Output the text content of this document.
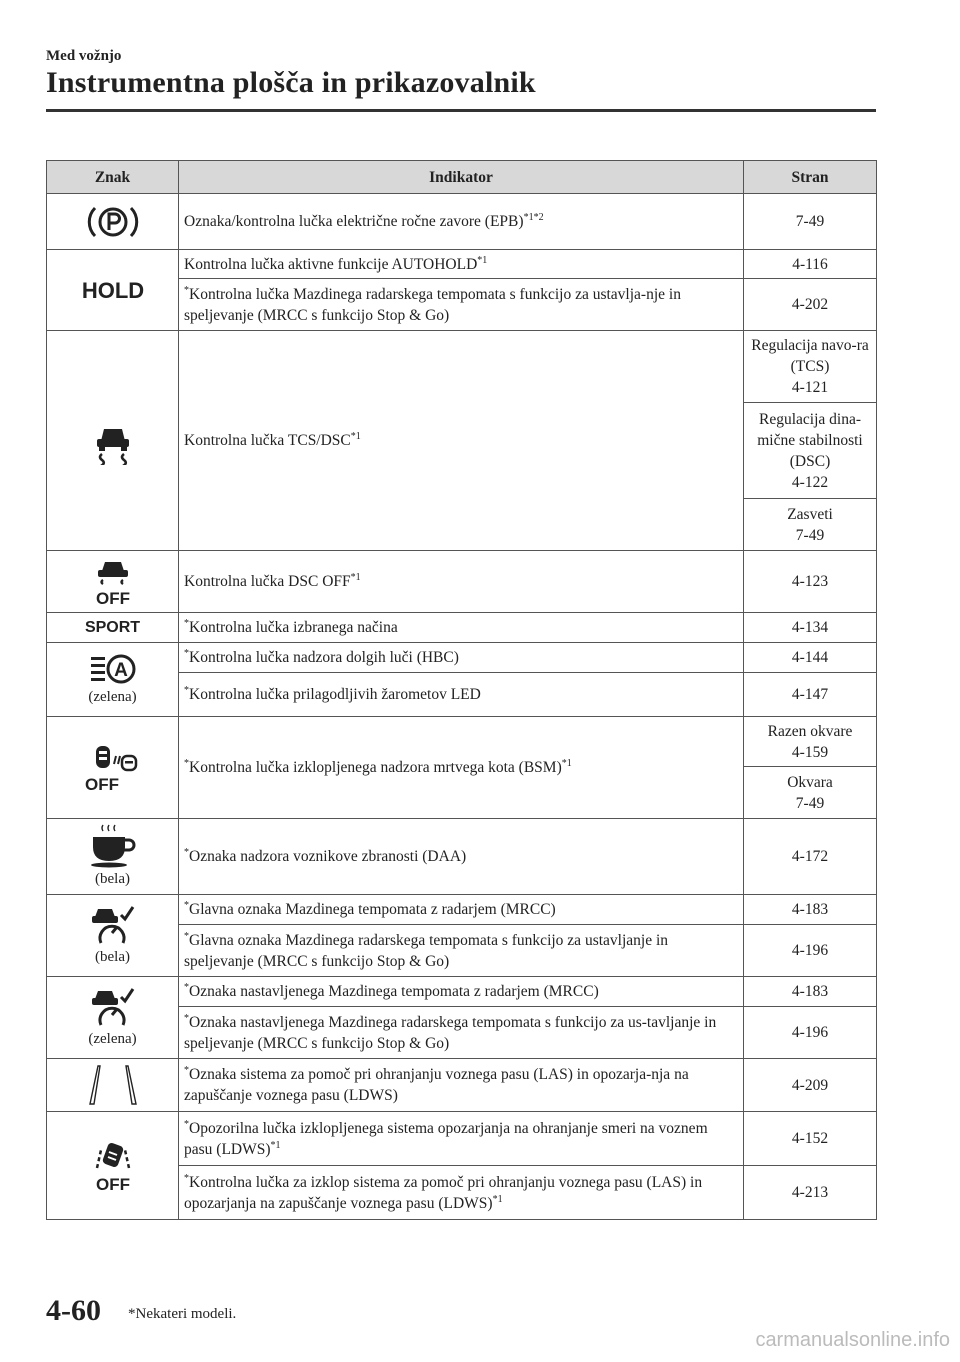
Med vožnjo
Instrumentna plošča in prikazovalnik
Znak	Indikator	Stran

	Oznaka/kontrolna lučka električne ročne zavore (EPB)$^{*1*2}$	7-49

HOLD	Kontrolna lučka aktivne funkcije AUTOHOLD$^{*1}$	4-116
	*Kontrolna lučka Mazdinega radarskega tempomata s funkcijo za ustavlja-nje in speljevanje (MRCC s funkcijo Stop & Go)	4-202

	Kontrolna lučka TCS/DSC$^{*1}$	Regulacija navo-ra (TCS)
4-121
		Regulacija dina-mične stabilnosti (DSC)
4-122
		Zasveti
7-49

OFF	Kontrolna lučka DSC OFF$^{*1}$	4-123
SPORT	*Kontrolna lučka izbranega načina	4-134

A
(zelena)	*Kontrolna lučka nadzora dolgih luči (HBC)	4-144
	*Kontrolna lučka prilagodljivih žarometov LED	4-147

OFF	*Kontrolna lučka izklopljenega nadzora mrtvega kota (BSM)$^{*1}$	Razen okvare
4-159
		Okvara
7-49

(bela)	*Oznaka nadzora voznikove zbranosti (DAA)	4-172

(bela)	*Glavna oznaka Mazdinega tempomata z radarjem (MRCC)	4-183
	*Glavna oznaka Mazdinega radarskega tempomata s funkcijo za ustavljanje in speljevanje (MRCC s funkcijo Stop & Go)	4-196

(zelena)	*Oznaka nastavljenega Mazdinega tempomata z radarjem (MRCC)	4-183
	*Oznaka nastavljenega Mazdinega radarskega tempomata s funkcijo za us-tavljanje in speljevanje (MRCC s funkcijo Stop & Go)	4-196

	*Oznaka sistema za pomoč pri ohranjanju voznega pasu (LAS) in opozarja-nja na zapuščanje voznega pasu (LDWS)	4-209

OFF	*Opozorilna lučka izklopljenega sistema opozarjanja na ohranjanje smeri na voznem pasu (LDWS)$^{*1}$	4-152
	*Kontrolna lučka za izklop sistema za pomoč pri ohranjanju voznega pasu (LAS) in opozarjanja na zapuščanje voznega pasu (LDWS)$^{*1}$	4-213
4-60 *Nekateri modeli.
carmanualsonline.info
